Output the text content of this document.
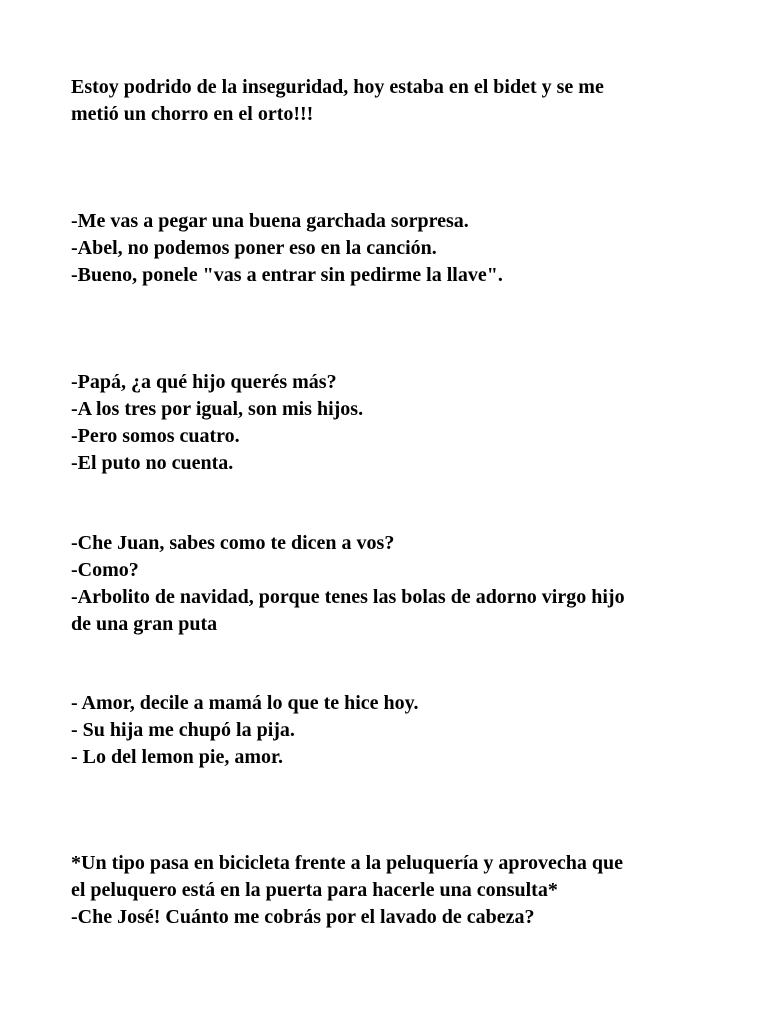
Estoy podrido de la inseguridad, hoy estaba en el bidet y se me
metió un chorro en el orto!!!
-Me vas a pegar una buena garchada sorpresa.
-Abel, no podemos poner eso en la canción.
-Bueno, ponele "vas a entrar sin pedirme la llave".
-Papá, ¿a qué hijo querés más?
-A los tres por igual, son mis hijos.
-Pero somos cuatro.
-El puto no cuenta.
-Che Juan, sabes como te dicen a vos?
-Como?
-Arbolito de navidad, porque tenes las bolas de adorno virgo hijo
de una gran puta
- Amor, decile a mamá lo que te hice hoy.
- Su hija me chupó la pija.
- Lo del lemon pie, amor.
*Un tipo pasa en bicicleta frente a la peluquería y aprovecha que
el peluquero está en la puerta para hacerle una consulta*
-Che José! Cuánto me cobrás por el lavado de cabeza?
